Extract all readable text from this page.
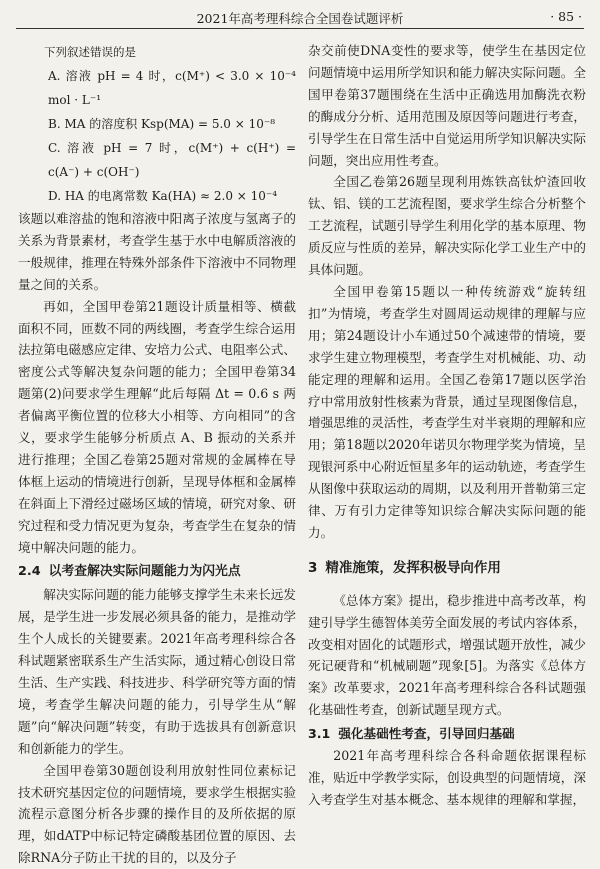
2021年高考理科综合全国卷试题评析	· 85 ·

下列叙述错误的是

A. 溶液 pH = 4 时，c(M⁺) < 3.0 × 10⁻⁴ mol · L⁻¹

B. MA 的溶度积 Ksp(MA) = 5.0 × 10⁻⁸

C. 溶液 pH = 7 时，c(M⁺) + c(H⁺) = c(A⁻) + c(OH⁻)

D. HA 的电离常数 Ka(HA) ≈ 2.0 × 10⁻⁴

该题以难溶盐的饱和溶液中阳离子浓度与氢离子的关系为背景素材，考查学生基于水中电解质溶液的一般规律，推理在特殊外部条件下溶液中不同物理量之间的关系。

再如，全国甲卷第21题设计质量相等、横截面积不同，匝数不同的两线圈，考查学生综合运用法拉第电磁感应定律、安培力公式、电阻率公式、密度公式等解决复杂问题的能力；全国甲卷第34题第(2)问要求学生理解“此后每隔 Δt = 0.6 s 两者偏离平衡位置的位移大小相等、方向相同”的含义，要求学生能够分析质点 A、B 振动的关系并进行推理；全国乙卷第25题对常规的金属棒在导体框上运动的情境进行创新，呈现导体框和金属棒在斜面上下滑经过磁场区域的情境，研究对象、研究过程和受力情况更为复杂，考查学生在复杂的情境中解决问题的能力。

2.4 以考查解决实际问题能力为闪光点

解决实际问题的能力能够支撑学生未来长远发展，是学生进一步发展必须具备的能力，是推动学生个人成长的关键要素。2021年高考理科综合各科试题紧密联系生产生活实际，通过精心创设日常生活、生产实践、科技进步、科学研究等方面的情境，考查学生解决问题的能力，引导学生从“解题”向“解决问题”转变，有助于选拔具有创新意识和创新能力的学生。

全国甲卷第30题创设利用放射性同位素标记技术研究基因定位的问题情境，要求学生根据实验流程示意图分析各步骤的操作目的及所依据的原理，如dATP中标记特定磷酸基团位置的原因、去除RNA分子防止干扰的目的，以及分子

杂交前使DNA变性的要求等，使学生在基因定位问题情境中运用所学知识和能力解决实际问题。全国甲卷第37题围绕在生活中正确选用加酶洗衣粉的酶成分分析、适用范围及原因等问题进行考查，引导学生在日常生活中自觉运用所学知识解决实际问题，突出应用性考查。

全国乙卷第26题呈现利用炼铁高钛炉渣回收钛、铝、镁的工艺流程图，要求学生综合分析整个工艺流程，试题引导学生利用化学的基本原理、物质反应与性质的差异，解决实际化学工业生产中的具体问题。

全国甲卷第15题以一种传统游戏“旋转纽扣”为情境，考查学生对圆周运动规律的理解与应用；第24题设计小车通过50个减速带的情境，要求学生建立物理模型，考查学生对机械能、功、动能定理的理解和运用。全国乙卷第17题以医学治疗中常用放射性核素为背景，通过呈现图像信息，增强思维的灵活性，考查学生对半衰期的理解和应用；第18题以2020年诺贝尔物理学奖为情境，呈现银河系中心附近恒星多年的运动轨迹，考查学生从图像中获取运动的周期，以及利用开普勒第三定律、万有引力定律等知识综合解决实际问题的能力。

3 精准施策，发挥积极导向作用

《总体方案》提出，稳步推进中高考改革，构建引导学生德智体美劳全面发展的考试内容体系，改变相对固化的试题形式，增强试题开放性，减少死记硬背和“机械刷题”现象[5]。为落实《总体方案》改革要求，2021年高考理科综合各科试题强化基础性考查，创新试题呈现方式。

3.1 强化基础性考查，引导回归基础

2021年高考理科综合各科命题依据课程标准，贴近中学教学实际，创设典型的问题情境，深入考查学生对基本概念、基本规律的理解和掌握，
